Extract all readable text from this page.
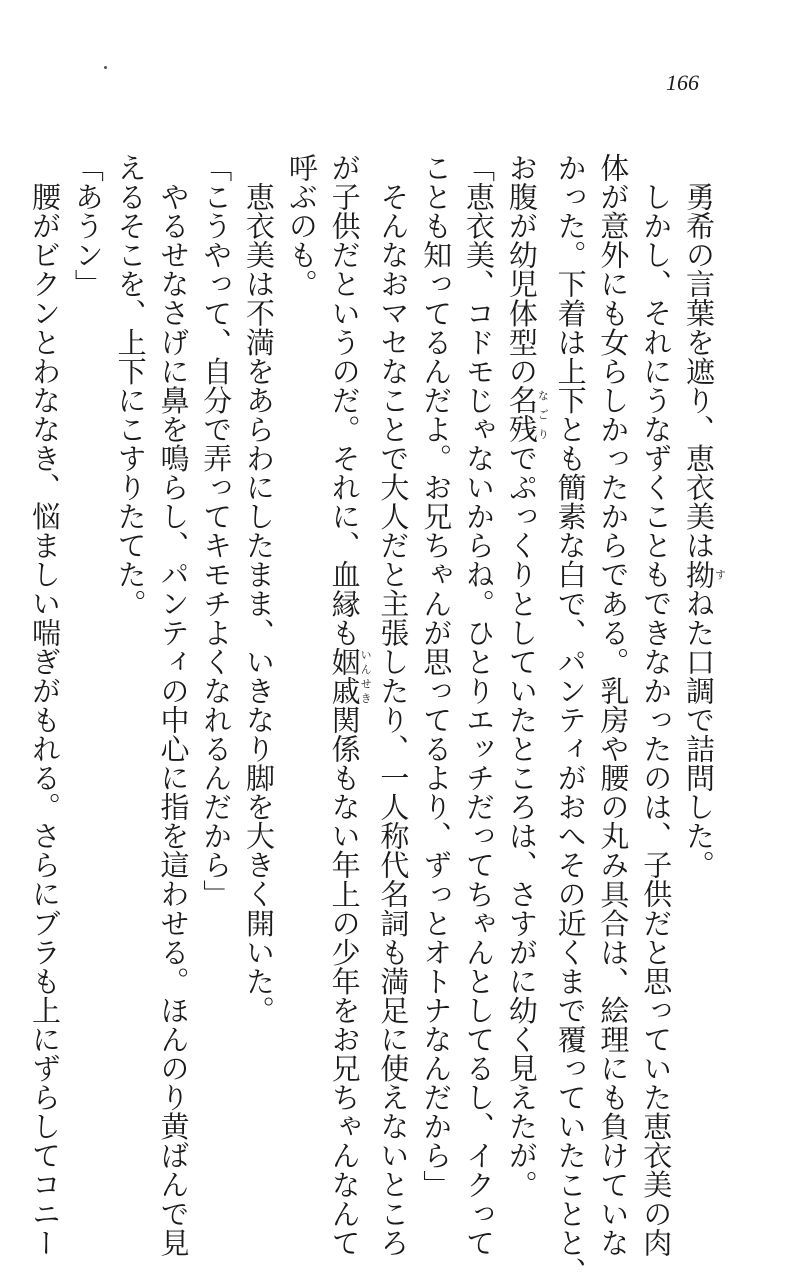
166
勇希の言葉を遮り、恵衣美は拗すねた口調で詰問した。
しかし、それにうなずくこともできなかったのは、子供だと思っていた恵衣美の肉
体が意外にも女らしかったからである。乳房や腰の丸み具合は、絵理にも負けていな
かった。下着は上下とも簡素な白で、パンティがおへその近くまで覆っていたことと、
お腹が幼児体型の名残なごりでぷっくりとしていたところは、さすがに幼く見えたが。
「恵衣美、コドモじゃないからね。ひとりエッチだってちゃんとしてるし、イクって
ことも知ってるんだよ。お兄ちゃんが思ってるより、ずっとオトナなんだから」
そんなおマセなことで大人だと主張したり、一人称代名詞も満足に使えないところ
が子供だというのだ。それに、血縁も姻戚いんせき関係もない年上の少年をお兄ちゃんなんて
呼ぶのも。
恵衣美は不満をあらわにしたまま、いきなり脚を大きく開いた。
「こうやって、自分で弄ってキモチよくなれるんだから」
やるせなさげに鼻を鳴らし、パンティの中心に指を這わせる。ほんのり黄ばんで見
えるそこを、上下にこすりたてた。
「あうン」
腰がビクンとわななき、悩ましい喘ぎがもれる。さらにブラも上にずらしてコニー
